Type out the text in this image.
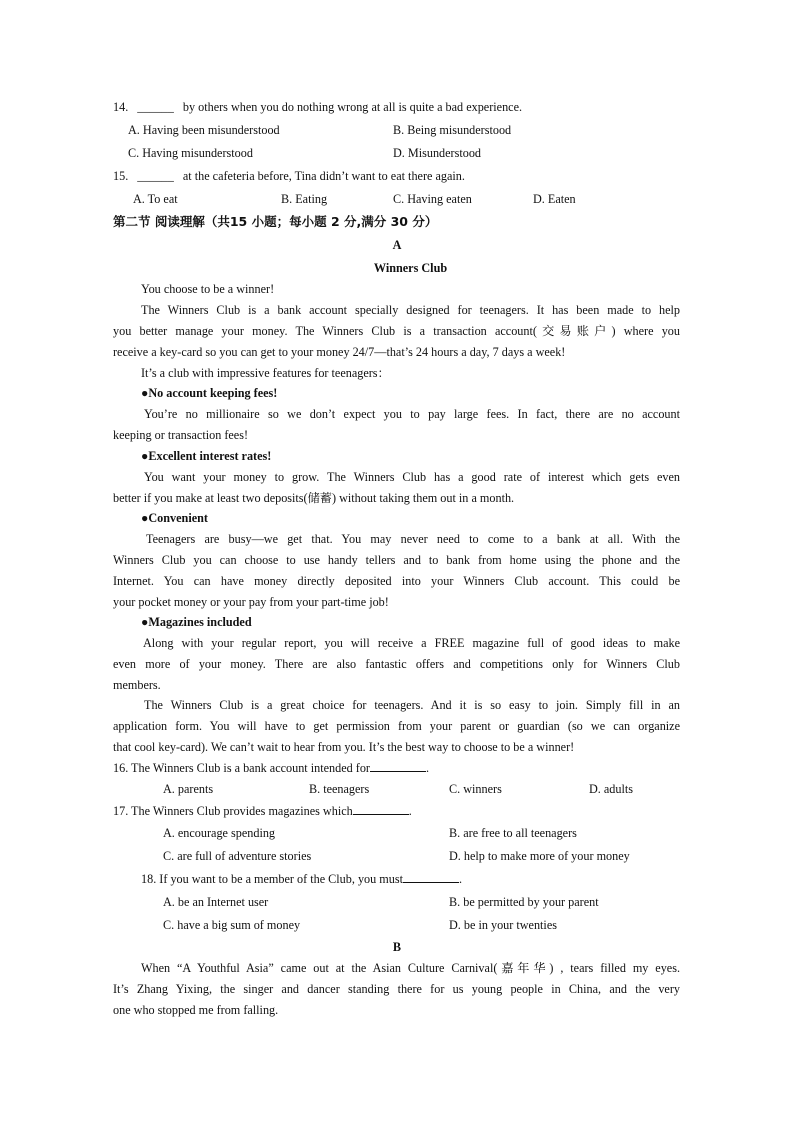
14. ______ by others when you do nothing wrong at all is quite a bad experience.
A. Having been misunderstood	B. Being misunderstood
C. Having misunderstood	D. Misunderstood
15. ______ at the cafeteria before, Tina didn’t want to eat there again.
A. To eat	B. Eating	C. Having eaten	D. Eaten
第二节 阅读理解（共15 小题；每小题 2 分,满分 30 分）
A
Winners Club
You choose to be a winner!
The Winners Club is a bank account specially designed for teenagers. It has been made to help
you better manage your money. The Winners Club is a transaction account(交易账户) where you
receive a key-card so you can get to your money 24/7—that’s 24 hours a day, 7 days a week!
It’s a club with impressive features for teenagers：
●No account keeping fees!
You’re no millionaire so we don’t expect you to pay large fees. In fact, there are no account
keeping or transaction fees!
●Excellent interest rates!
You want your money to grow. The Winners Club has a good rate of interest which gets even
better if you make at least two deposits(储蓄) without taking them out in a month.
●Convenient
Teenagers are busy—we get that. You may never need to come to a bank at all. With the
Winners Club you can choose to use handy tellers and to bank from home using the phone and the
Internet. You can have money directly deposited into your Winners Club account. This could be
your pocket money or your pay from your part-time job!
●Magazines included
Along with your regular report, you will receive a FREE magazine full of good ideas to make
even more of your money. There are also fantastic offers and competitions only for Winners Club
members.
The Winners Club is a great choice for teenagers. And it is so easy to join. Simply fill in an
application form. You will have to get permission from your parent or guardian (so we can organize
that cool key-card). We can’t wait to hear from you. It’s the best way to choose to be a winner!
16. The Winners Club is a bank account intended for	.
A. parents	B. teenagers	C. winners	D. adults
17. The Winners Club provides magazines which	.
A. encourage spending	B. are free to all teenagers
C. are full of adventure stories	D. help to make more of your money
18. If you want to be a member of the Club, you must	.
A. be an Internet user	B. be permitted by your parent
C. have a big sum of money	D. be in your twenties
B
When “A Youthful Asia” came out at the Asian Culture Carnival(嘉年华) , tears filled my eyes.
It’s Zhang Yixing, the singer and dancer standing there for us young people in China, and the very
one who stopped me from falling.
